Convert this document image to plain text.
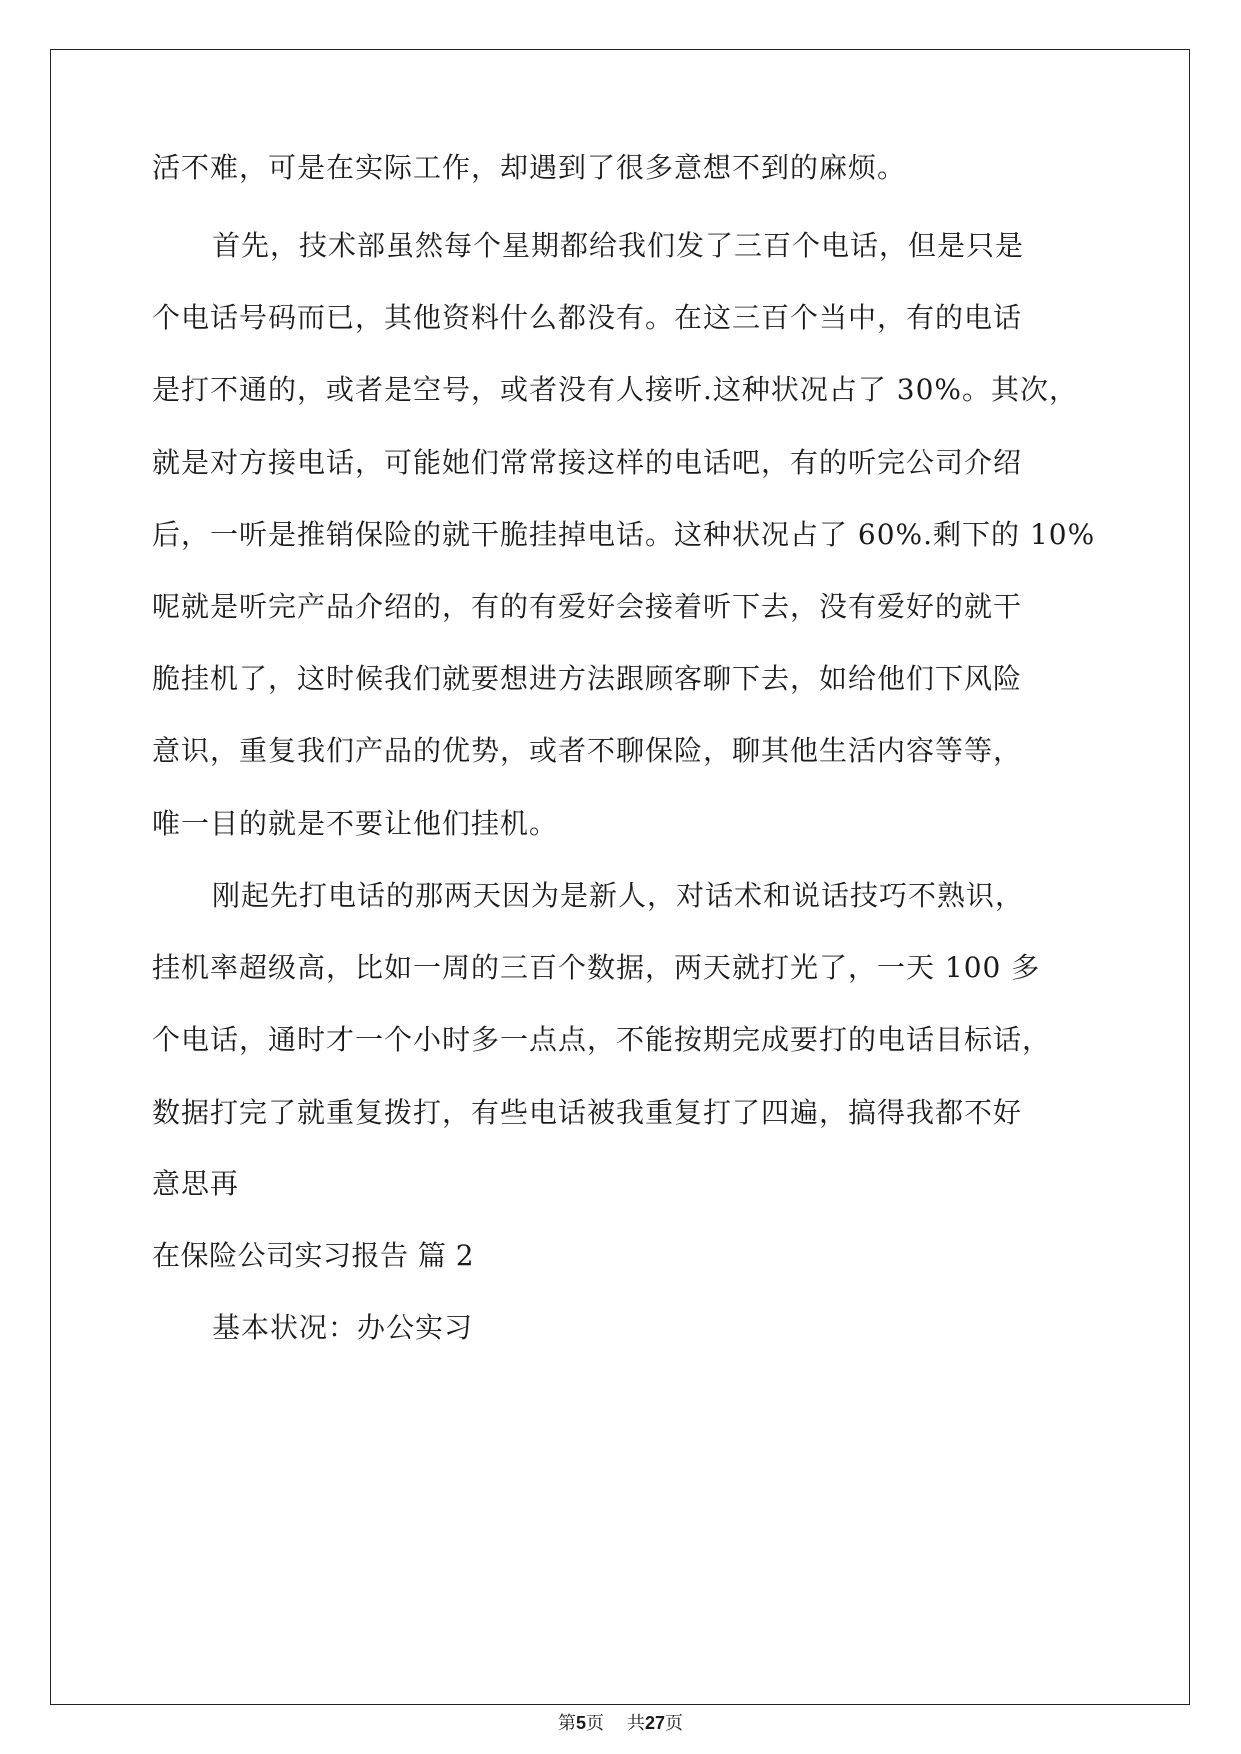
活不难，可是在实际工作，却遇到了很多意想不到的麻烦。
首先，技术部虽然每个星期都给我们发了三百个电话，但是只是
个电话号码而已，其他资料什么都没有。在这三百个当中，有的电话
是打不通的，或者是空号，或者没有人接听.这种状况占了 30%。其次，
就是对方接电话，可能她们常常接这样的电话吧，有的听完公司介绍
后，一听是推销保险的就干脆挂掉电话。这种状况占了 60%.剩下的 10%
呢就是听完产品介绍的，有的有爱好会接着听下去，没有爱好的就干
脆挂机了，这时候我们就要想进方法跟顾客聊下去，如给他们下风险
意识，重复我们产品的优势，或者不聊保险，聊其他生活内容等等，
唯一目的就是不要让他们挂机。
刚起先打电话的那两天因为是新人，对话术和说话技巧不熟识，
挂机率超级高，比如一周的三百个数据，两天就打光了，一天 100 多
个电话，通时才一个小时多一点点，不能按期完成要打的电话目标话，
数据打完了就重复拨打，有些电话被我重复打了四遍，搞得我都不好
意思再
在保险公司实习报告 篇 2
基本状况：办公实习
第5页 共27页
